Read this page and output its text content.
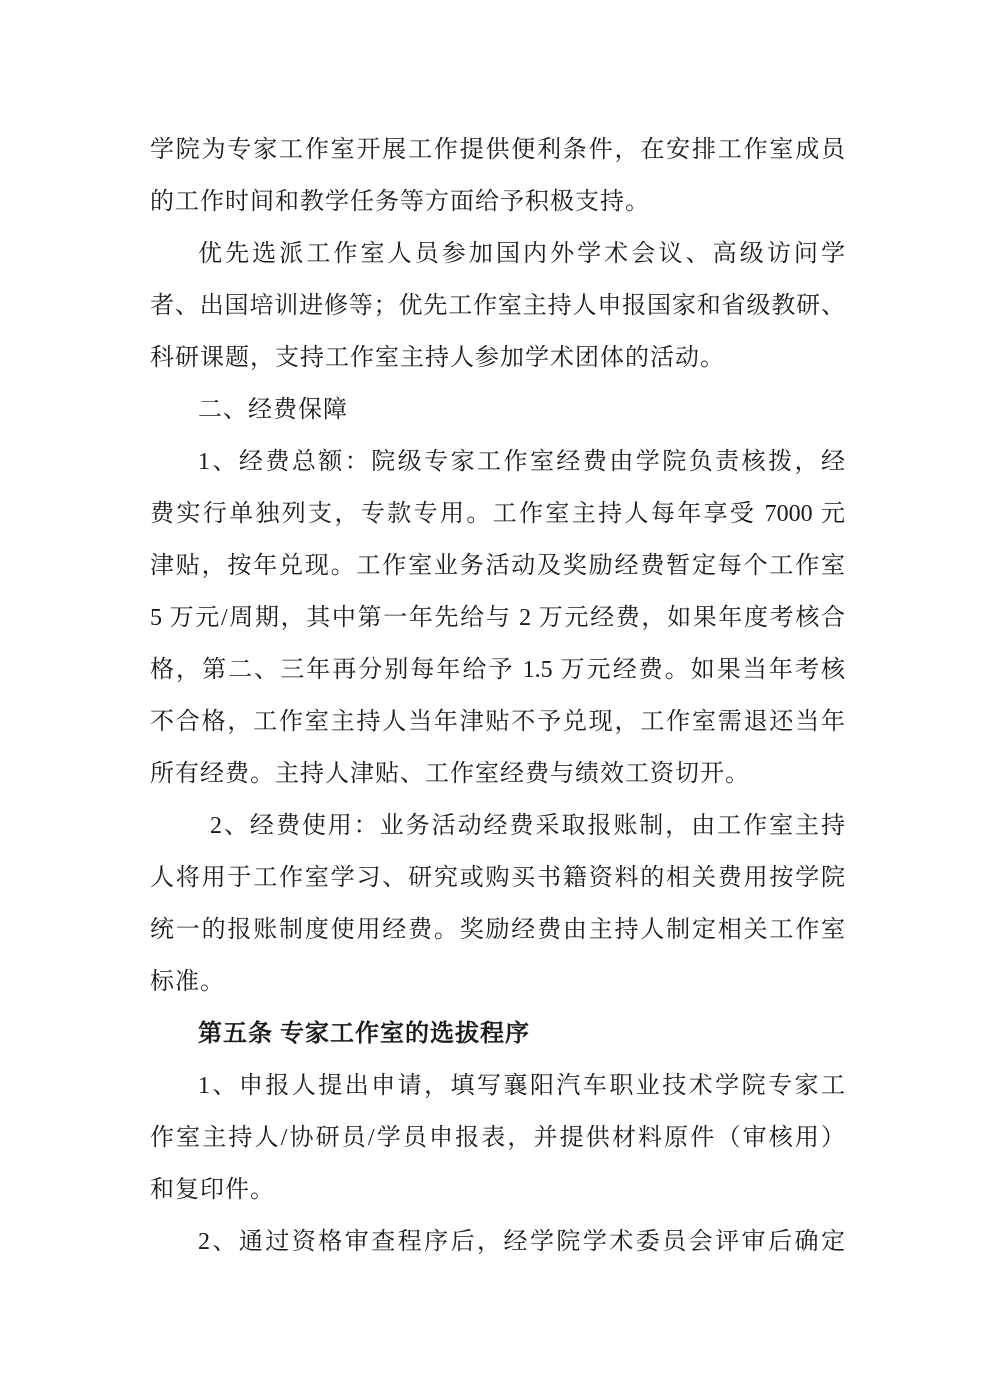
学院为专家工作室开展工作提供便利条件，在安排工作室成员
的工作时间和教学任务等方面给予积极支持。
优先选派工作室人员参加国内外学术会议、高级访问学
者、出国培训进修等；优先工作室主持人申报国家和省级教研、
科研课题，支持工作室主持人参加学术团体的活动。
二、经费保障
1、经费总额：院级专家工作室经费由学院负责核拨，经
费实行单独列支，专款专用。工作室主持人每年享受 7000 元
津贴，按年兑现。工作室业务活动及奖励经费暂定每个工作室
5 万元/周期，其中第一年先给与 2 万元经费，如果年度考核合
格，第二、三年再分别每年给予 1.5 万元经费。如果当年考核
不合格，工作室主持人当年津贴不予兑现，工作室需退还当年
所有经费。主持人津贴、工作室经费与绩效工资切开。
2、经费使用：业务活动经费采取报账制，由工作室主持
人将用于工作室学习、研究或购买书籍资料的相关费用按学院
统一的报账制度使用经费。奖励经费由主持人制定相关工作室
标准。
第五条 专家工作室的选拔程序
1、申报人提出申请，填写襄阳汽车职业技术学院专家工
作室主持人/协研员/学员申报表，并提供材料原件（审核用）
和复印件。
2、通过资格审查程序后，经学院学术委员会评审后确定
